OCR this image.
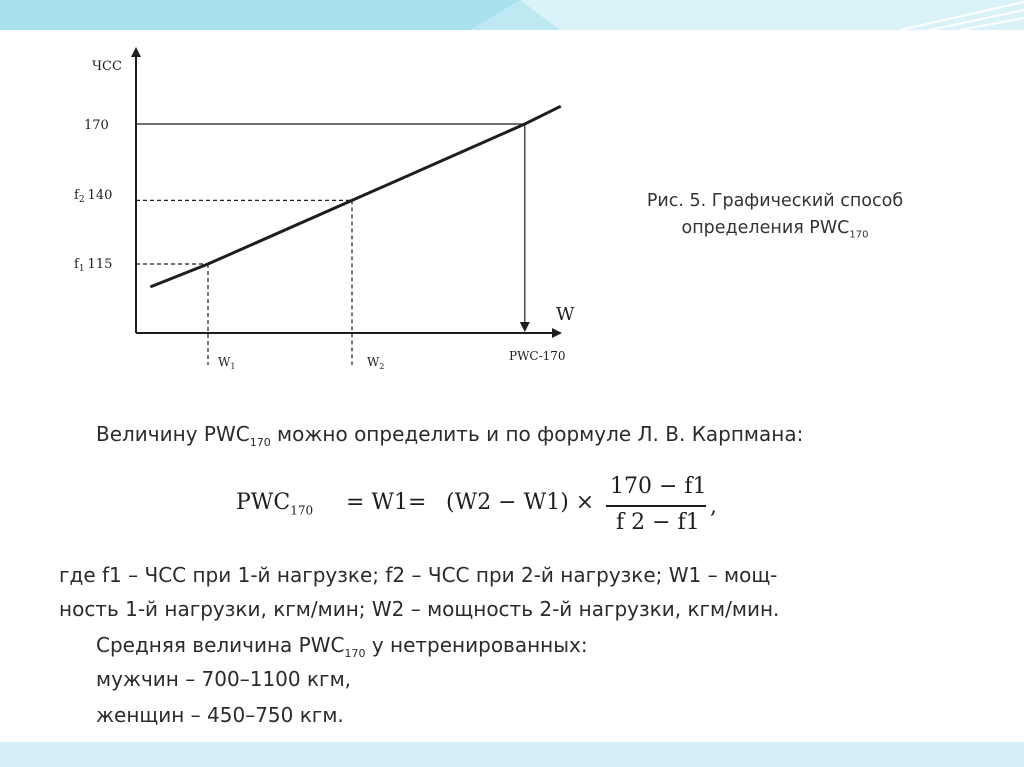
ЧСС
W
170
$f_2$ 140
$f_1$ 115
$W_1$	$W_2$
PWC-170
Рис. 5. Графический способ
определения $PWC_{170}$
Величину $PWC_{170}$ можно определить и по формуле Л. В. Карпмана:
$PWC_{170} = W1= (W2 - W1)$ ×
170 − f1
f 2 − f1
,
где f1 – ЧСС при 1-й нагрузке; f2 – ЧСС при 2-й нагрузке; W1 – мощ-
ность 1-й нагрузки, кгм/мин; W2 – мощность 2-й нагрузки, кгм/мин.
Средняя величина $PWC_{170}$ у нетренированных:
мужчин – 700–1100 кгм,
женщин – 450–750 кгм.
